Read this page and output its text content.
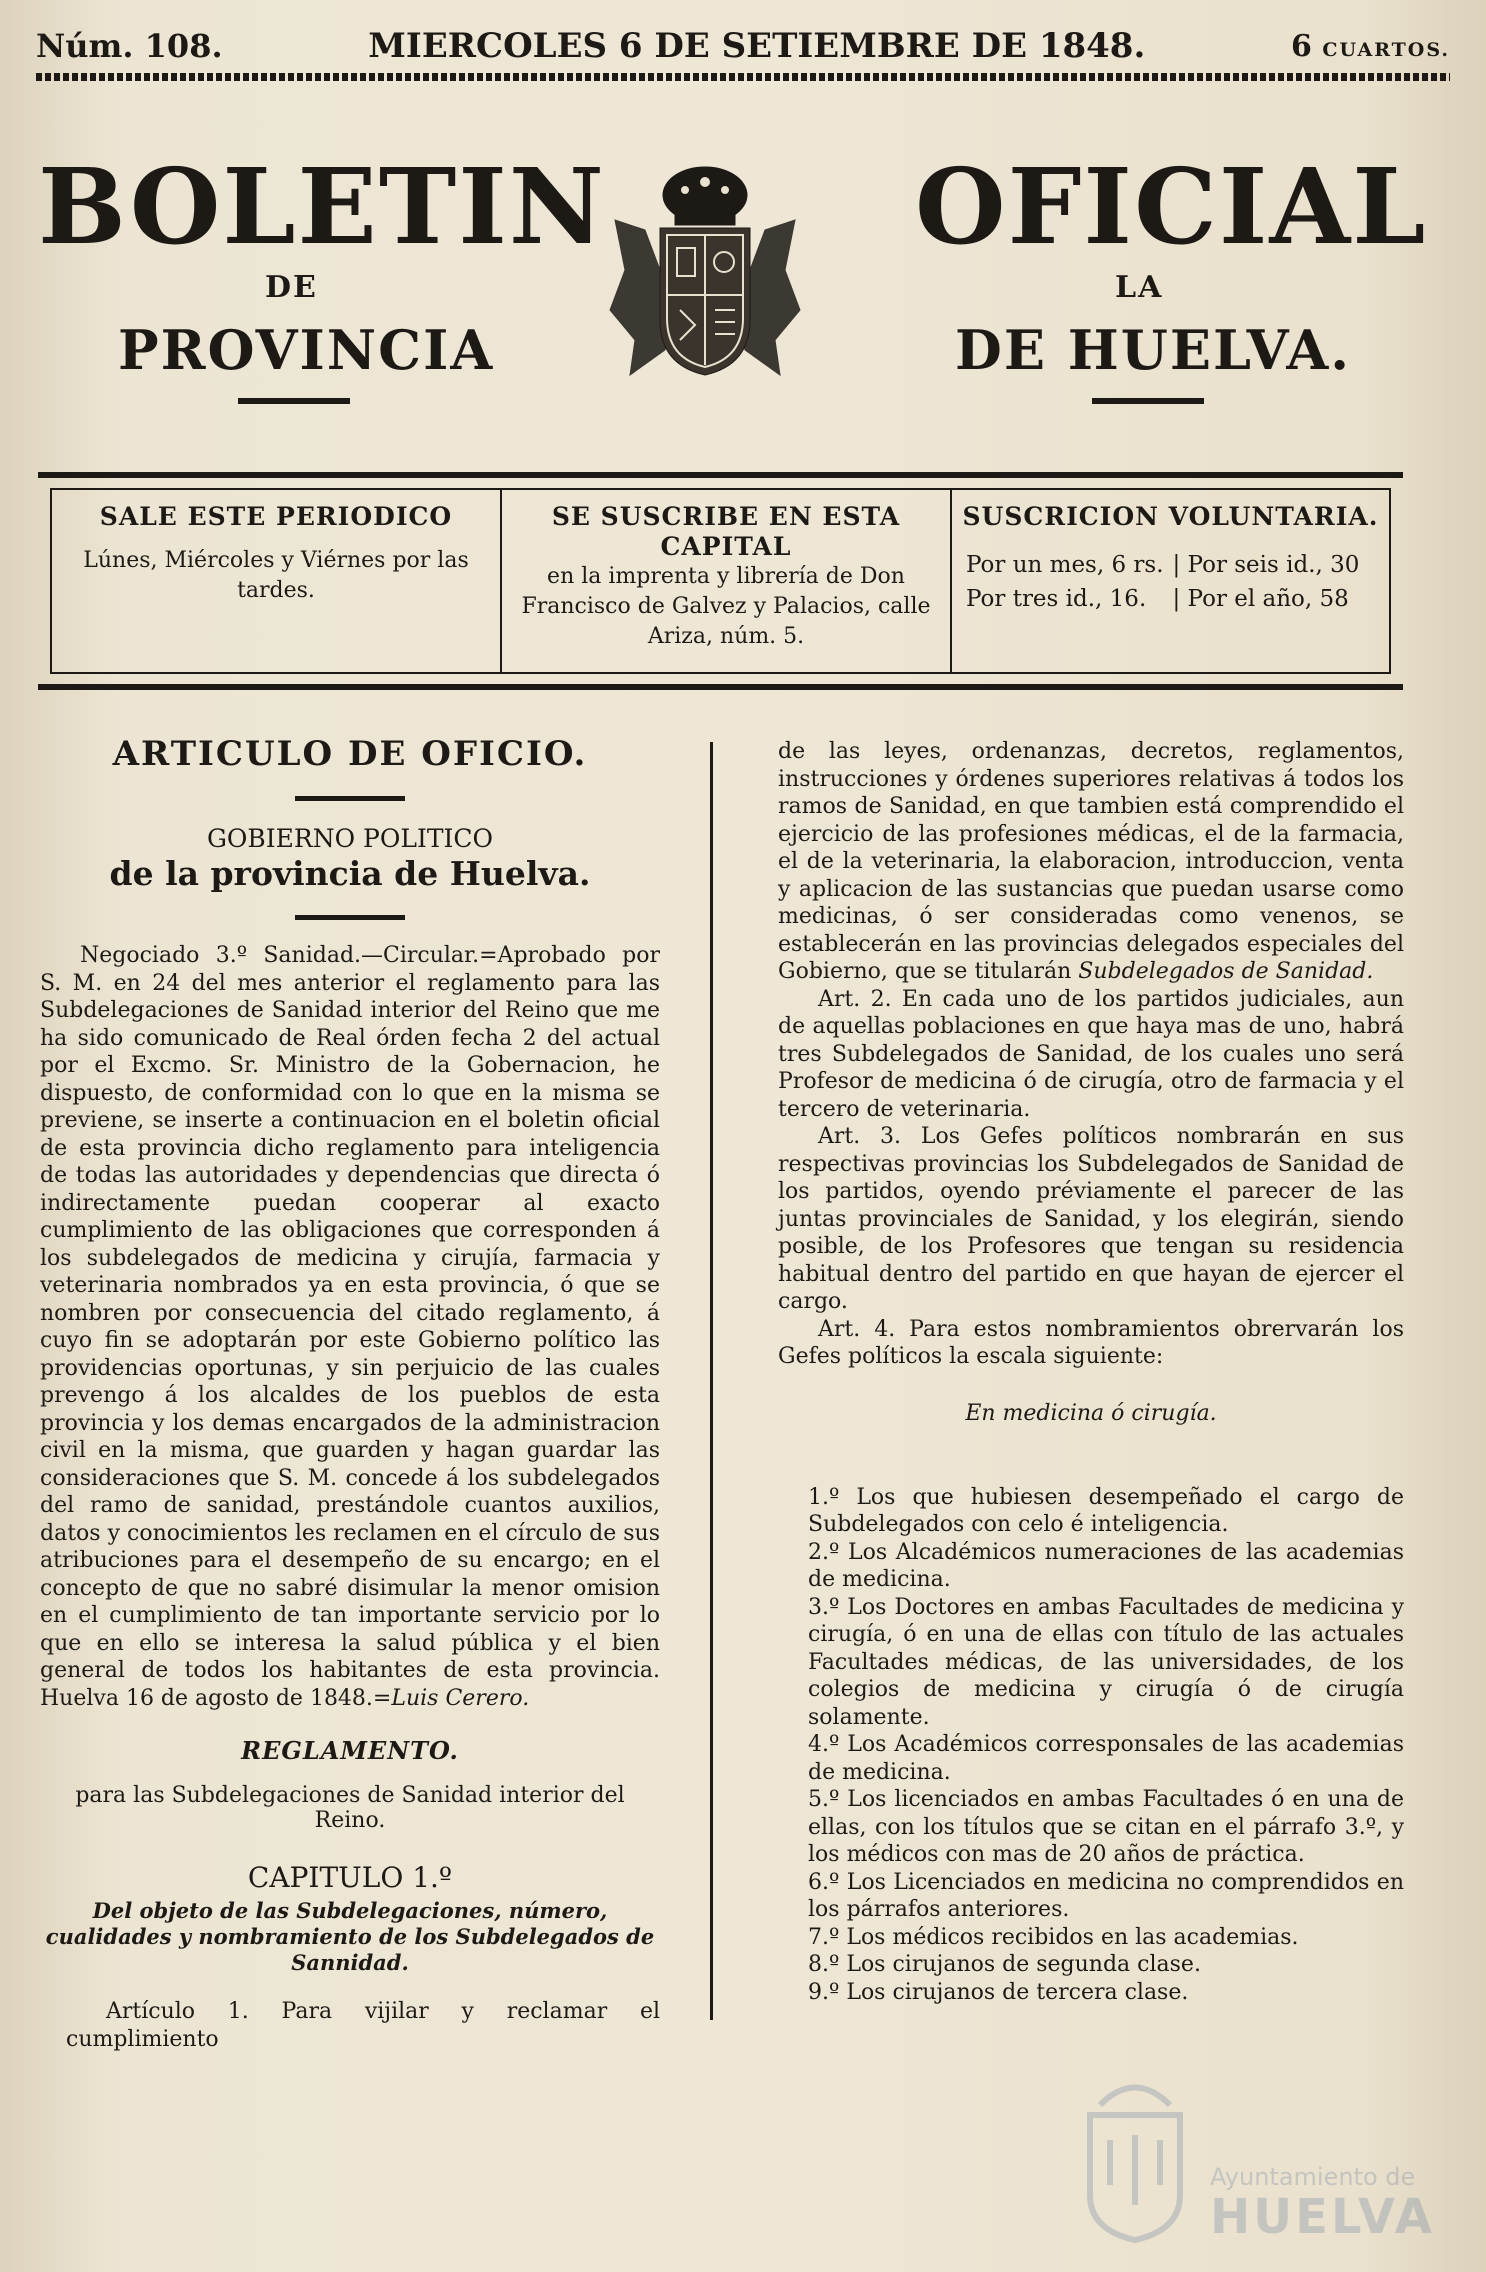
Núm. 108.	MIERCOLES 6 DE SETIEMBRE DE 1848.	6 CUARTOS.
BOLETIN
DE
PROVINCIA
OFICIAL
LA
DE HUELVA.
SALE ESTE PERIODICO
Lúnes, Miércoles y Viérnes por las tardes.
SE SUSCRIBE EN ESTA CAPITAL
en la imprenta y librería de Don Francisco de Galvez y Palacios, calle Ariza, núm. 5.
SUSCRICION VOLUNTARIA.
Por un mes, 6 rs. | Por seis id., 30
Por tres id., 16.	| Por el año, 58
ARTICULO DE OFICIO.
GOBIERNO POLITICO
de la provincia de Huelva.

Negociado 3.º Sanidad.—Circular.=Aprobado por S. M. en 24 del mes anterior el reglamento para las Subdelegaciones de Sanidad interior del Reino que me ha sido comunicado de Real órden fecha 2 del actual por el Excmo. Sr. Ministro de la Gobernacion, he dispuesto, de conformidad con lo que en la misma se previene, se inserte a continuacion en el boletin oficial de esta provincia dicho reglamento para inteligencia de todas las autoridades y dependencias que directa ó indirectamente puedan cooperar al exacto cumplimiento de las obligaciones que corresponden á los subdelegados de medicina y cirujía, farmacia y veterinaria nombrados ya en esta provincia, ó que se nombren por consecuencia del citado reglamento, á cuyo fin se adoptarán por este Gobierno político las providencias oportunas, y sin perjuicio de las cuales prevengo á los alcaldes de los pueblos de esta provincia y los demas encargados de la administracion civil en la misma, que guarden y hagan guardar las consideraciones que S. M. concede á los subdelegados del ramo de sanidad, prestándole cuantos auxilios, datos y conocimientos les reclamen en el círculo de sus atribuciones para el desempeño de su encargo; en el concepto de que no sabré disimular la menor omision en el cumplimiento de tan importante servicio por lo que en ello se interesa la salud pública y el bien general de todos los habitantes de esta provincia. Huelva 16 de agosto de 1848.=Luis Cerero.

REGLAMENTO.
para las Subdelegaciones de Sanidad interior del Reino.
CAPITULO 1.º
Del objeto de las Subdelegaciones, número, cualidades y nombramiento de los Subdelegados de Sannidad.

Artículo 1. Para vijilar y reclamar el cumplimiento

de las leyes, ordenanzas, decretos, reglamentos, instrucciones y órdenes superiores relativas á todos los ramos de Sanidad, en que tambien está comprendido el ejercicio de las profesiones médicas, el de la farmacia, el de la veterinaria, la elaboracion, introduccion, venta y aplicacion de las sustancias que puedan usarse como medicinas, ó ser consideradas como venenos, se establecerán en las provincias delegados especiales del Gobierno, que se titularán Subdelegados de Sanidad.

Art. 2. En cada uno de los partidos judiciales, aun de aquellas poblaciones en que haya mas de uno, habrá tres Subdelegados de Sanidad, de los cuales uno será Profesor de medicina ó de cirugía, otro de farmacia y el tercero de veterinaria.

Art. 3. Los Gefes políticos nombrarán en sus respectivas provincias los Subdelegados de Sanidad de los partidos, oyendo préviamente el parecer de las juntas provinciales de Sanidad, y los elegirán, siendo posible, de los Profesores que tengan su residencia habitual dentro del partido en que hayan de ejercer el cargo.

Art. 4. Para estos nombramientos obrervarán los Gefes políticos la escala siguiente:

En medicina ó cirugía.

1.º Los que hubiesen desempeñado el cargo de Subdelegados con celo é inteligencia.

2.º Los Alcadémicos numeraciones de las academias de medicina.

3.º Los Doctores en ambas Facultades de medicina y cirugía, ó en una de ellas con título de las actuales Facultades médicas, de las universidades, de los colegios de medicina y cirugía ó de cirugía solamente.

4.º Los Académicos corresponsales de las academias de medicina.

5.º Los licenciados en ambas Facultades ó en una de ellas, con los títulos que se citan en el párrafo 3.º, y los médicos con mas de 20 años de práctica.

6.º Los Licenciados en medicina no comprendidos en los párrafos anteriores.

7.º Los médicos recibidos en las academias.

8.º Los cirujanos de segunda clase.

9.º Los cirujanos de tercera clase.

Ayuntamiento de
HUELVA
